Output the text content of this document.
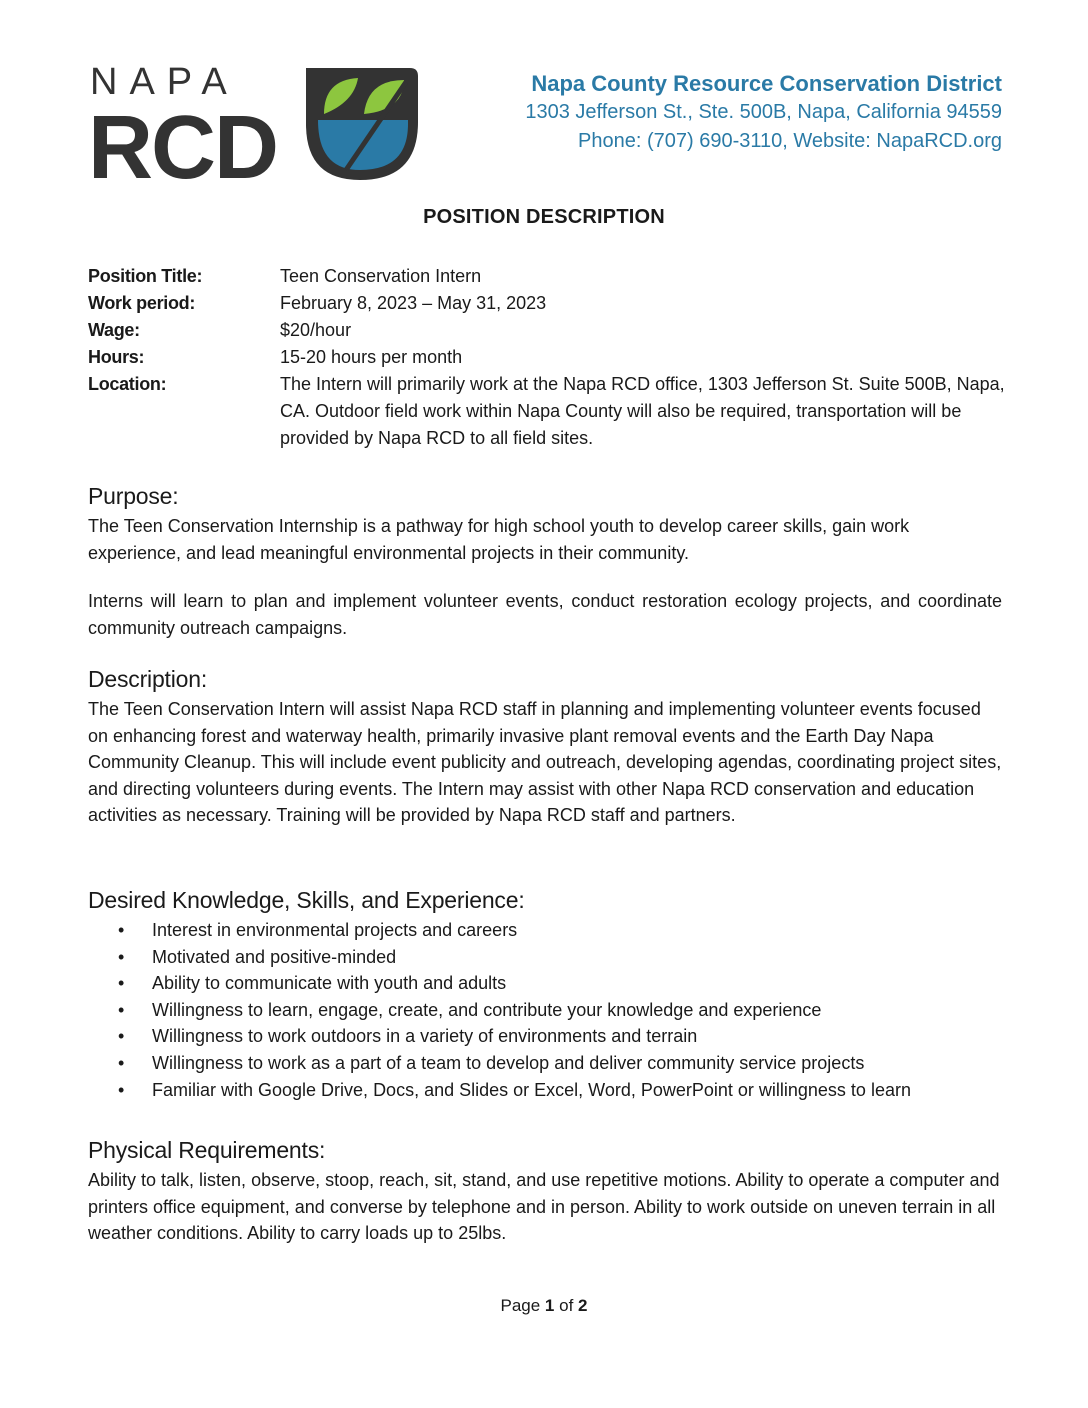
NAPA
RCD
Napa County Resource Conservation District
1303 Jefferson St., Ste. 500B, Napa, California 94559
Phone: (707) 690-3110, Website: NapaRCD.org
POSITION DESCRIPTION
Position Title:	Teen Conservation Intern
Work period:	February 8, 2023 – May 31, 2023
Wage:	$20/hour
Hours:	15-20 hours per month
Location:	The Intern will primarily work at the Napa RCD office, 1303 Jefferson St. Suite 500B, Napa, CA. Outdoor field work within Napa County will also be required, transportation will be provided by Napa RCD to all field sites.
Purpose:

The Teen Conservation Internship is a pathway for high school youth to develop career skills, gain work experience, and lead meaningful environmental projects in their community.

Interns will learn to plan and implement volunteer events, conduct restoration ecology projects, and coordinate community outreach campaigns.

Description:

The Teen Conservation Intern will assist Napa RCD staff in planning and implementing volunteer events focused on enhancing forest and waterway health, primarily invasive plant removal events and the Earth Day Napa Community Cleanup. This will include event publicity and outreach, developing agendas, coordinating project sites, and directing volunteers during events. The Intern may assist with other Napa RCD conservation and education activities as necessary. Training will be provided by Napa RCD staff and partners.

Desired Knowledge, Skills, and Experience:
• Interest in environmental projects and careers
• Motivated and positive-minded
• Ability to communicate with youth and adults
• Willingness to learn, engage, create, and contribute your knowledge and experience
• Willingness to work outdoors in a variety of environments and terrain
• Willingness to work as a part of a team to develop and deliver community service projects
• Familiar with Google Drive, Docs, and Slides or Excel, Word, PowerPoint or willingness to learn
Physical Requirements:

Ability to talk, listen, observe, stoop, reach, sit, stand, and use repetitive motions. Ability to operate a computer and printers office equipment, and converse by telephone and in person. Ability to work outside on uneven terrain in all weather conditions. Ability to carry loads up to 25lbs.

Page 1 of 2
